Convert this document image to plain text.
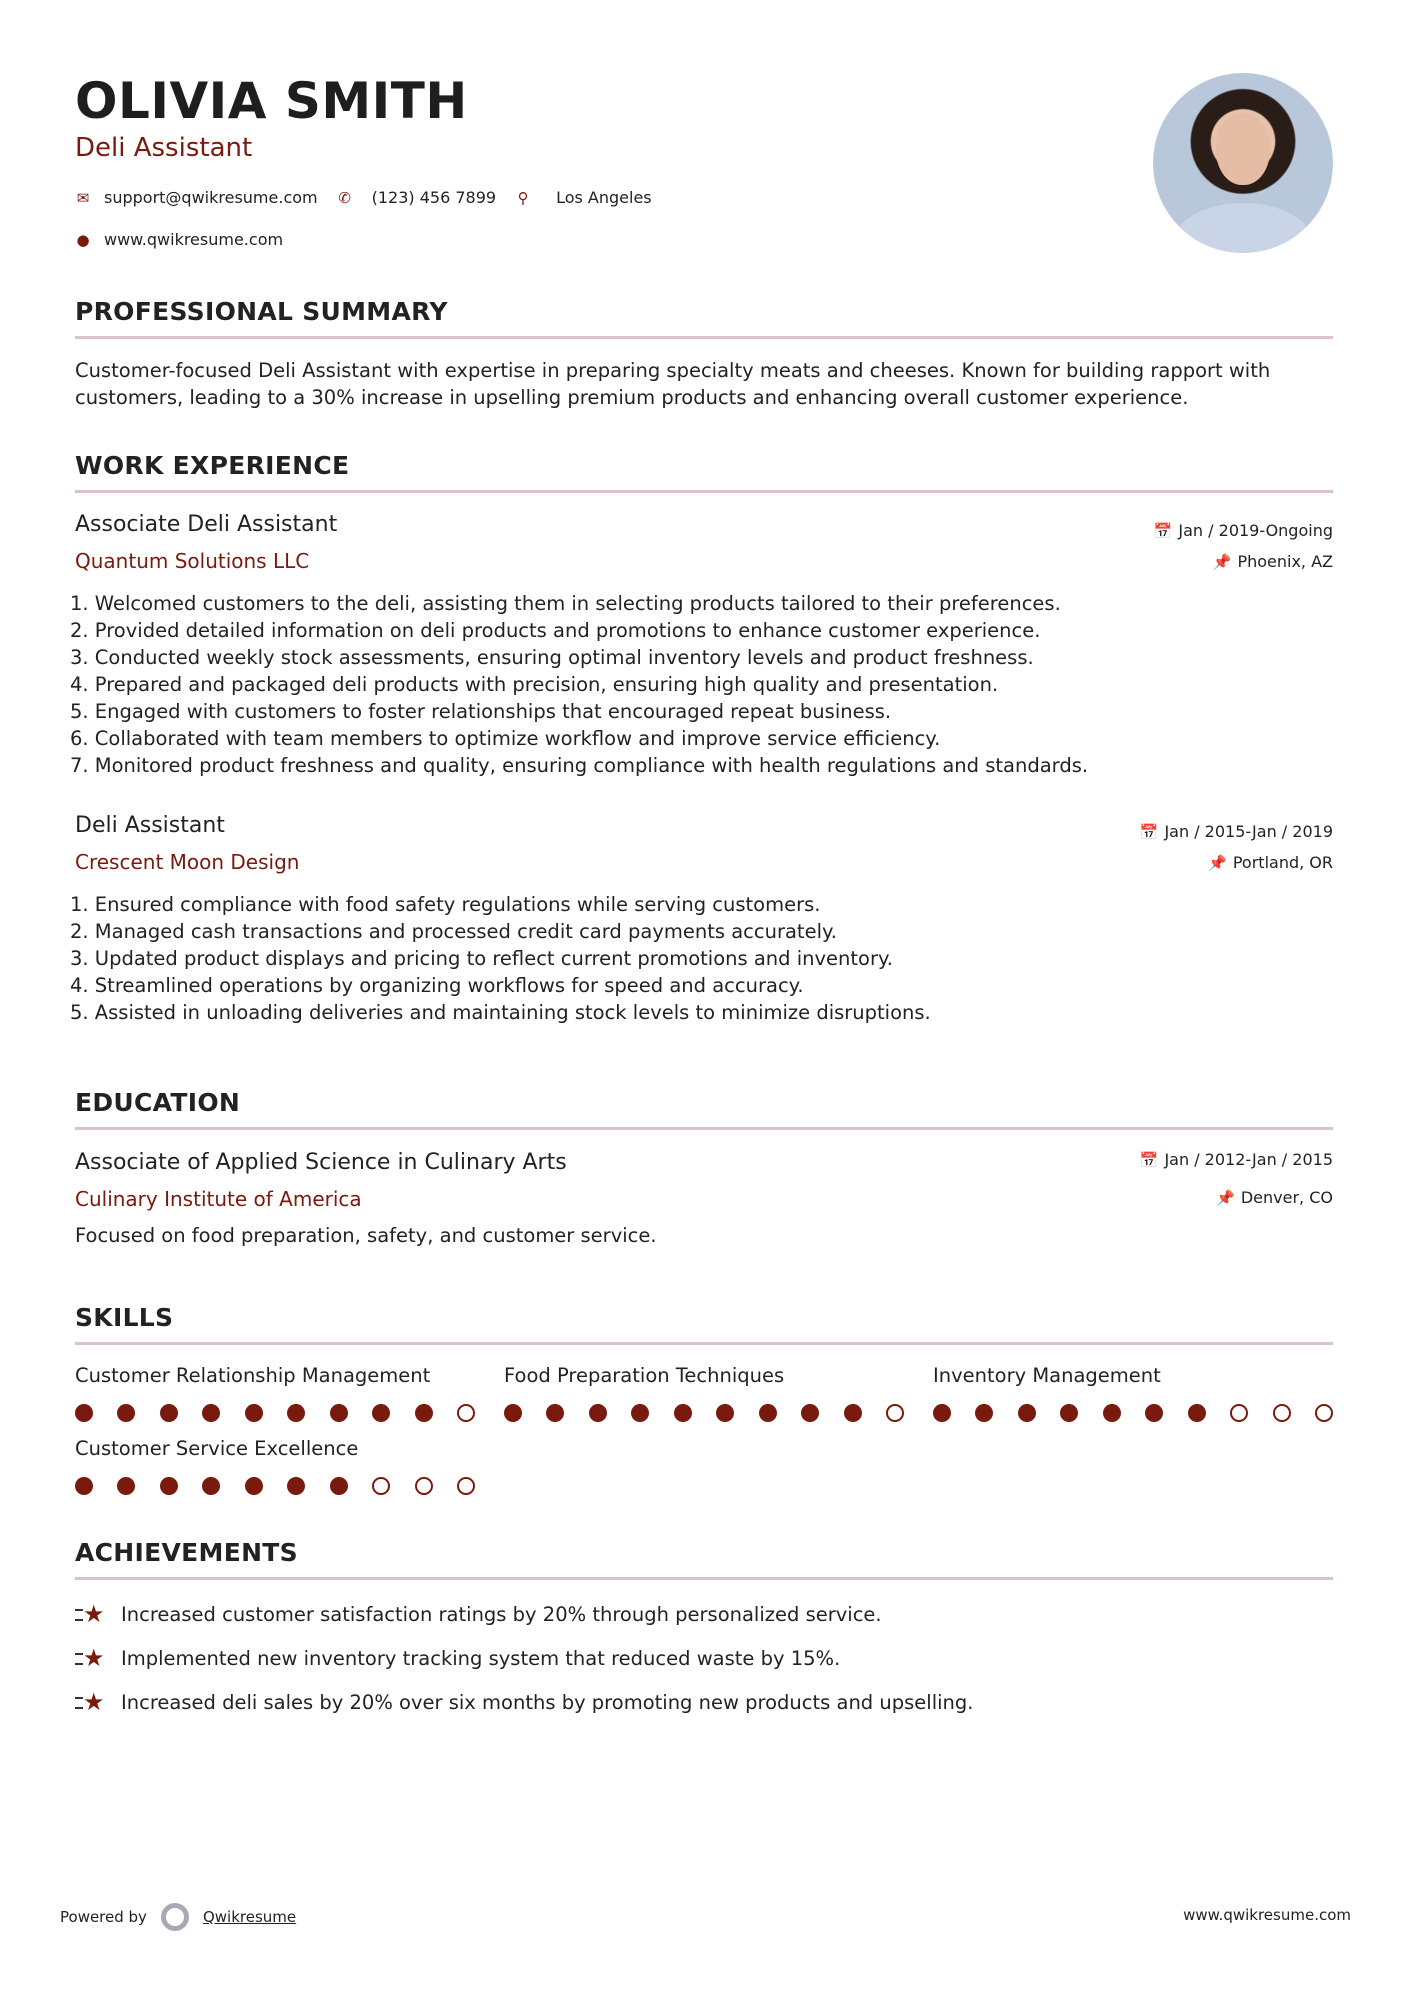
OLIVIA SMITH
Deli Assistant
✉ support@qwikresume.com	✆ (123) 456 7899	⚲	Los Angeles
● www.qwikresume.com
PROFESSIONAL SUMMARY
Customer-focused Deli Assistant with expertise in preparing specialty meats and cheeses. Known for building rapport with customers, leading to a 30% increase in upselling premium products and enhancing overall customer experience.
WORK EXPERIENCE
Associate Deli Assistant
Quantum Solutions LLC
📅 Jan / 2019-Ongoing
📌 Phoenix, AZ
1. Welcomed customers to the deli, assisting them in selecting products tailored to their preferences.
2. Provided detailed information on deli products and promotions to enhance customer experience.
3. Conducted weekly stock assessments, ensuring optimal inventory levels and product freshness.
4. Prepared and packaged deli products with precision, ensuring high quality and presentation.
5. Engaged with customers to foster relationships that encouraged repeat business.
6. Collaborated with team members to optimize workflow and improve service efficiency.
7. Monitored product freshness and quality, ensuring compliance with health regulations and standards.
Deli Assistant
Crescent Moon Design
📅 Jan / 2015-Jan / 2019
📌 Portland, OR
1. Ensured compliance with food safety regulations while serving customers.
2. Managed cash transactions and processed credit card payments accurately.
3. Updated product displays and pricing to reflect current promotions and inventory.
4. Streamlined operations by organizing workflows for speed and accuracy.
5. Assisted in unloading deliveries and maintaining stock levels to minimize disruptions.
EDUCATION
Associate of Applied Science in Culinary Arts
Culinary Institute of America
📅 Jan / 2012-Jan / 2015
📌 Denver, CO
Focused on food preparation, safety, and customer service.
SKILLS
Customer Relationship Management	Food Preparation Techniques	Inventory Management
Customer Service Excellence
ACHIEVEMENTS
★ Increased customer satisfaction ratings by 20% through personalized service.
★ Implemented new inventory tracking system that reduced waste by 15%.
★ Increased deli sales by 20% over six months by promoting new products and upselling.
Powered by	Qwikresume	www.qwikresume.com
